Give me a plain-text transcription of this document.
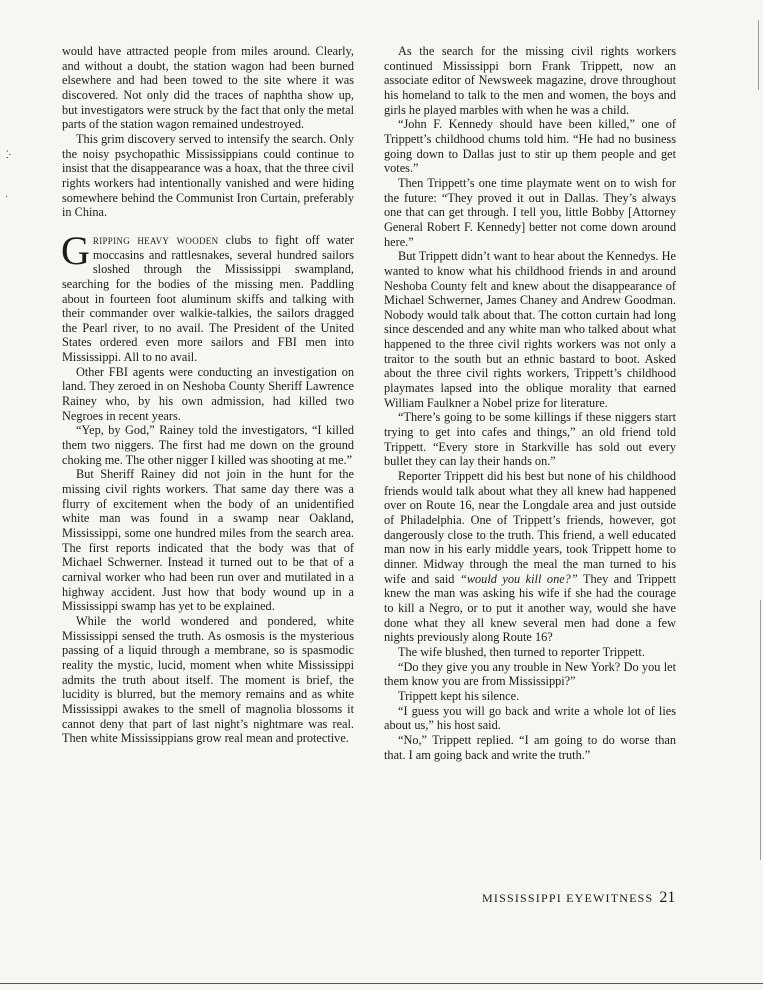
would have attracted people from miles around. Clearly, and without a doubt, the station wagon had been burned elsewhere and had been towed to the site where it was discovered. Not only did the traces of naphtha show up, but investigators were struck by the fact that only the metal parts of the station wagon remained undestroyed.

This grim discovery served to intensify the search. Only the noisy psychopathic Mississippians could continue to insist that the disappearance was a hoax, that the three civil rights workers had intentionally vanished and were hiding somewhere behind the Communist Iron Curtain, preferably in China.

Gripping heavy wooden clubs to fight off water moccasins and rattlesnakes, several hundred sailors sloshed through the Mississippi swampland, searching for the bodies of the missing men. Paddling about in fourteen foot aluminum skiffs and talking with their commander over walkie-talkies, the sailors dragged the Pearl river, to no avail. The President of the United States ordered even more sailors and FBI men into Mississippi. All to no avail.

Other FBI agents were conducting an investigation on land. They zeroed in on Neshoba County Sheriff Lawrence Rainey who, by his own admission, had killed two Negroes in recent years.

“Yep, by God,” Rainey told the investigators, “I killed them two niggers. The first had me down on the ground choking me. The other nigger I killed was shooting at me.”

But Sheriff Rainey did not join in the hunt for the missing civil rights workers. That same day there was a flurry of excitement when the body of an unidentified white man was found in a swamp near Oakland, Mississippi, some one hundred miles from the search area. The first reports indicated that the body was that of Michael Schwerner. Instead it turned out to be that of a carnival worker who had been run over and mutilated in a highway accident. Just how that body wound up in a Mississippi swamp has yet to be explained.

While the world wondered and pondered, white Mississippi sensed the truth. As osmosis is the mysterious passing of a liquid through a membrane, so is spasmodic reality the mystic, lucid, moment when white Mississippi admits the truth about itself. The moment is brief, the lucidity is blurred, but the memory remains and as white Mississippi awakes to the smell of magnolia blossoms it cannot deny that part of last night’s nightmare was real. Then white Mississippians grow real mean and protective.

As the search for the missing civil rights workers continued Mississippi born Frank Trippett, now an associate editor of Newsweek magazine, drove throughout his homeland to talk to the men and women, the boys and girls he played marbles with when he was a child.

“John F. Kennedy should have been killed,” one of Trippett’s childhood chums told him. “He had no business going down to Dallas just to stir up them people and get votes.”

Then Trippett’s one time playmate went on to wish for the future: “They proved it out in Dallas. They’s always one that can get through. I tell you, little Bobby [Attorney General Robert F. Kennedy] better not come down around here.”

But Trippett didn’t want to hear about the Kennedys. He wanted to know what his childhood friends in and around Neshoba County felt and knew about the disappearance of Michael Schwerner, James Chaney and Andrew Goodman. Nobody would talk about that. The cotton curtain had long since descended and any white man who talked about what happened to the three civil rights workers was not only a traitor to the south but an ethnic bastard to boot. Asked about the three civil rights workers, Trippett’s childhood playmates lapsed into the oblique morality that earned William Faulkner a Nobel prize for literature.

“There’s going to be some killings if these niggers start trying to get into cafes and things,” an old friend told Trippett. “Every store in Starkville has sold out every bullet they can lay their hands on.”

Reporter Trippett did his best but none of his childhood friends would talk about what they all knew had happened over on Route 16, near the Longdale area and just outside of Philadelphia. One of Trippett’s friends, however, got dangerously close to the truth. This friend, a well educated man now in his early middle years, took Trippett home to dinner. Midway through the meal the man turned to his wife and said “would you kill one?” They and Trippett knew the man was asking his wife if she had the courage to kill a Negro, or to put it another way, would she have done what they all knew several men had done a few nights previously along Route 16?

The wife blushed, then turned to reporter Trippett.

“Do they give you any trouble in New York? Do you let them know you are from Mississippi?”

Trippett kept his silence.

“I guess you will go back and write a whole lot of lies about us,” his host said.

“No,” Trippett replied. “I am going to do worse than that. I am going back and write the truth.”

MISSISSIPPI EYEWITNESS 21
ⴾ
·
